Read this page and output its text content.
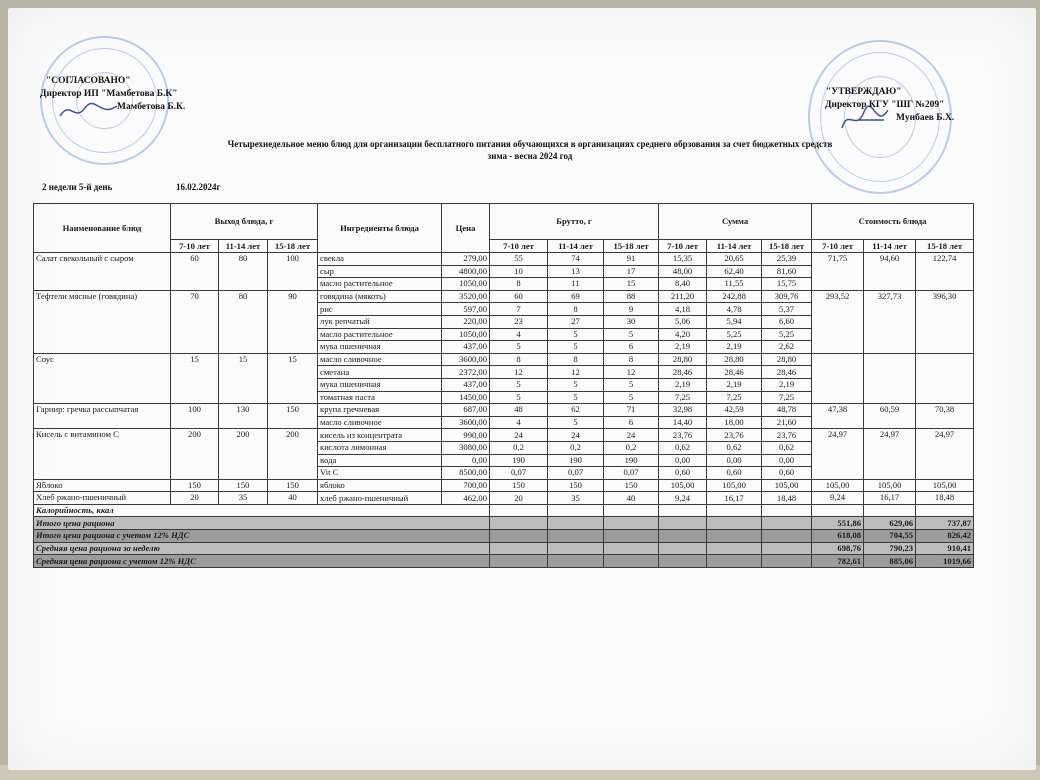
"СОГЛАСОВАНО"
Директор ИП "Мамбетова Б.К"
Мамбетова Б.К.
"УТВЕРЖДАЮ"
Директор КГУ "ШГ №209"
Мунбаев Б.Х.
Четырехнедельное меню блюд для организации бесплатного питания обучающихся в организациях среднего обрзования за счет бюджетных средств
зима - весна 2024 год
2 недели 5-й день	16.02.2024г
Наименование блюд	Выход блюда, г			Ингредиенты блюда	Цена	Брутто, г			Сумма			Стоимость блюда		
	7-10 лет	11-14 лет	15-18 лет			7-10 лет	11-14 лет	15-18 лет	7-10 лет	11-14 лет	15-18 лет	7-10 лет	11-14 лет	15-18 лет
Салат свекольный с сыром	60	80	100	свекла	279,00	55	74	91	15,35	20,65	25,39	71,75	94,60	122,74
				сыр	4800,00	10	13	17	48,00	62,40	81,60			
				масло растительное	1050,00	8	11	15	8,40	11,55	15,75			
Тефтели мясные (говядина)	70	80	90	говядина (мякоть)	3520,00	60	69	88	211,20	242,88	309,76	293,52	327,73	396,30
				рис	597,00	7	8	9	4,18	4,78	5,37			
				лук репчатый	220,00	23	27	30	5,06	5,94	6,60			
				масло растительное	1050,00	4	5	5	4,20	5,25	5,25			
				мука пшеничная	437,00	5	5	6	2,19	2,19	2,62			
Соус	15	15	15	масло сливочное	3600,00	8	8	8	28,80	28,80	28,80			
				сметана	2372,00	12	12	12	28,46	28,46	28,46			
				мука пшеничная	437,00	5	5	5	2,19	2,19	2,19			
				томатная паста	1450,00	5	5	5	7,25	7,25	7,25			
Гарнир: гречка рассыпчатая	100	130	150	крупа гречневая	687,00	48	62	71	32,98	42,59	48,78	47,38	60,59	70,38
				масло сливочное	3600,00	4	5	6	14,40	18,00	21,60			
Кисель с витамином С	200	200	200	кисель из концентрата	990,00	24	24	24	23,76	23,76	23,76	24,97	24,97	24,97
				кислота лимонная	3080,00	0,2	0,2	0,2	0,62	0,62	0,62			
				вода	0,00	190	190	190	0,00	0,00	0,00			
				Vit С	8500,00	0,07	0,07	0,07	0,60	0,60	0,60			
Яблоко	150	150	150	яблоко	700,00	150	150	150	105,00	105,00	105,00	105,00	105,00	105,00
Хлеб ржано-пшеничный	20	35	40	хлеб ржано-пшеничный	462,00	20	35	40	9,24	16,17	18,48	9,24	16,17	18,48
Калорийность, ккал														
Итого цена рациона												551,86	629,06	737,87
Итого цена рациона с учетом 12% НДС												618,08	704,55	826,42
Средняя цена рациона за неделю												698,76	790,23	910,41
Средняя цена рациона с учетом 12% НДС												782,61	885,06	1019,66
